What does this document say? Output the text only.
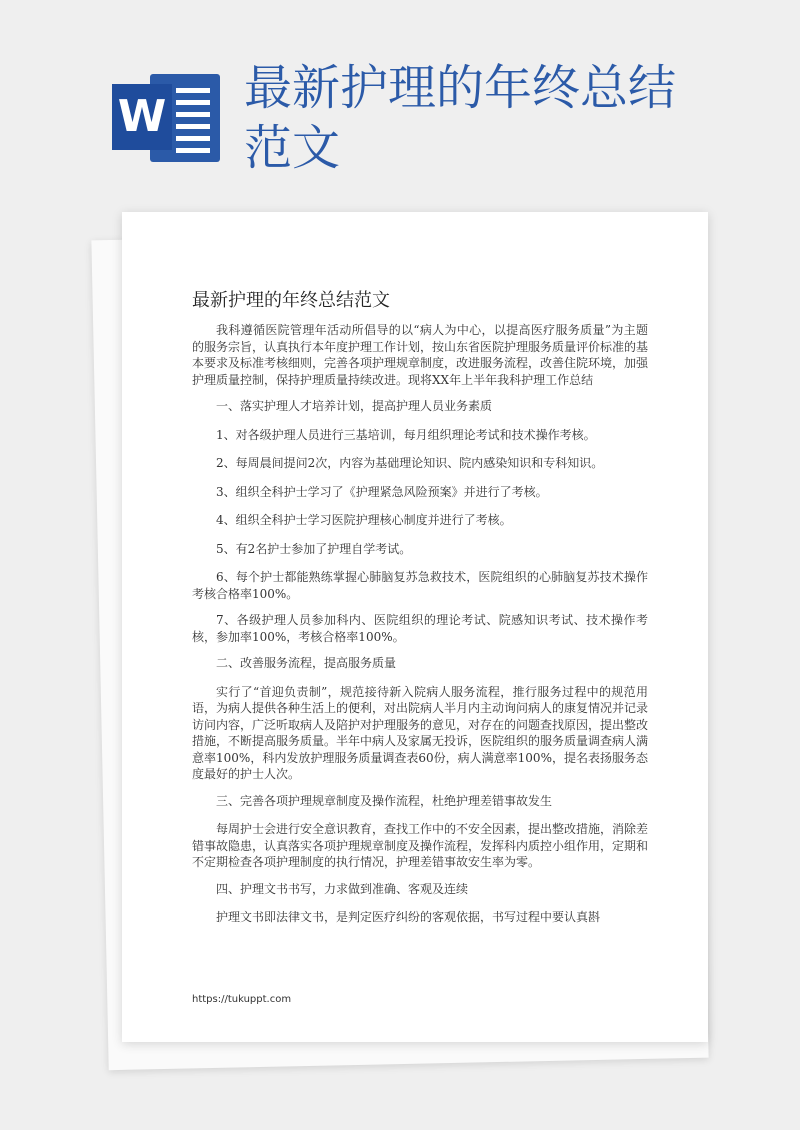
W
最新护理的年终总结范文
最新护理的年终总结范文

我科遵循医院管理年活动所倡导的以“病人为中心，以提高医疗服务质量”为主题的服务宗旨，认真执行本年度护理工作计划，按山东省医院护理服务质量评价标准的基本要求及标准考核细则，完善各项护理规章制度，改进服务流程，改善住院环境，加强护理质量控制，保持护理质量持续改进。现将XX年上半年我科护理工作总结

一、落实护理人才培养计划，提高护理人员业务素质

1、对各级护理人员进行三基培训，每月组织理论考试和技术操作考核。

2、每周晨间提问2次，内容为基础理论知识、院内感染知识和专科知识。

3、组织全科护士学习了《护理紧急风险预案》并进行了考核。

4、组织全科护士学习医院护理核心制度并进行了考核。

5、有2名护士参加了护理自学考试。

6、每个护士都能熟练掌握心肺脑复苏急救技术，医院组织的心肺脑复苏技术操作考核合格率100%。

7、各级护理人员参加科内、医院组织的理论考试、院感知识考试、技术操作考核，参加率100%，考核合格率100%。

二、改善服务流程，提高服务质量

实行了“首迎负责制”，规范接待新入院病人服务流程，推行服务过程中的规范用语，为病人提供各种生活上的便利，对出院病人半月内主动询问病人的康复情况并记录访问内容，广泛听取病人及陪护对护理服务的意见，对存在的问题查找原因，提出整改措施，不断提高服务质量。半年中病人及家属无投诉，医院组织的服务质量调查病人满意率100%，科内发放护理服务质量调查表60份，病人满意率100%，提名表扬服务态度最好的护士人次。

三、完善各项护理规章制度及操作流程，杜绝护理差错事故发生

每周护士会进行安全意识教育，查找工作中的不安全因素，提出整改措施，消除差错事故隐患，认真落实各项护理规章制度及操作流程，发挥科内质控小组作用，定期和不定期检查各项护理制度的执行情况，护理差错事故安生率为零。

四、护理文书书写，力求做到准确、客观及连续

护理文书即法律文书，是判定医疗纠纷的客观依据，书写过程中要认真斟

https://tukuppt.com
